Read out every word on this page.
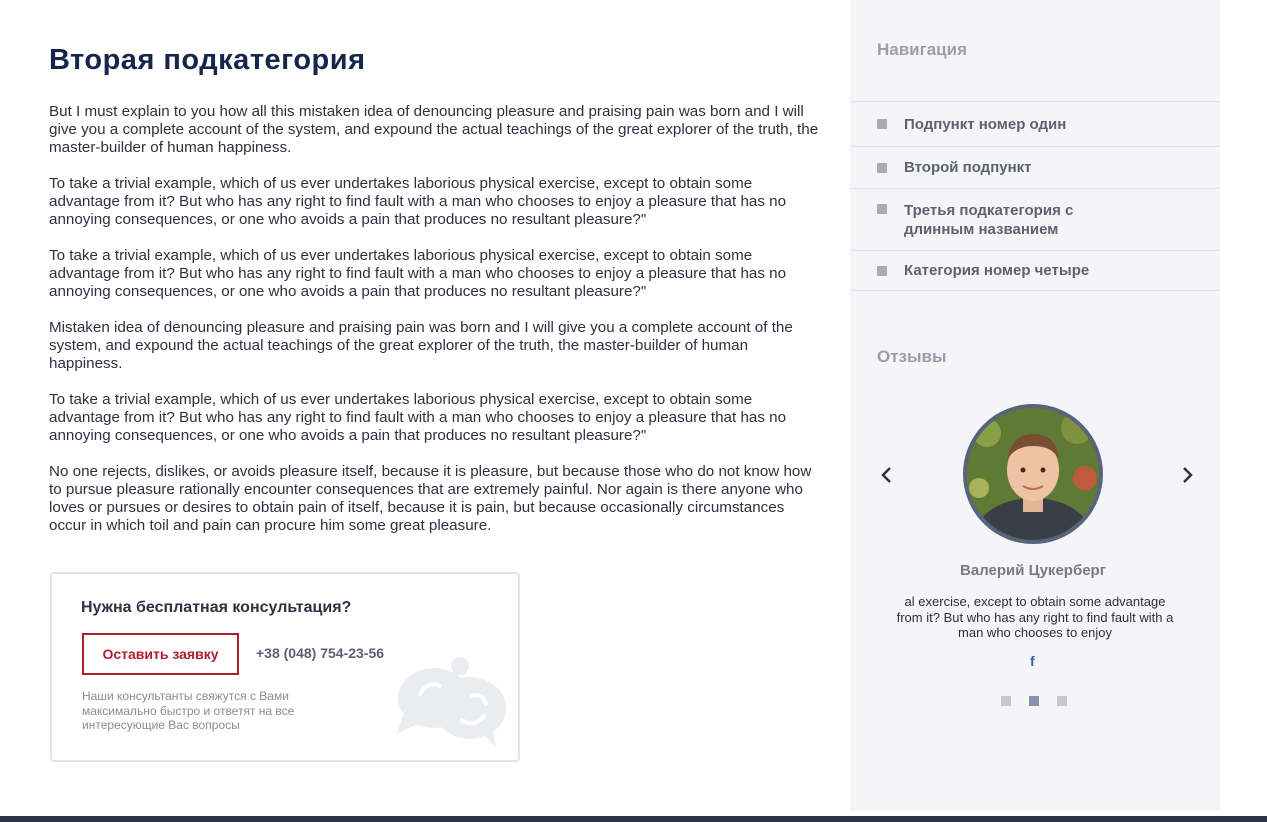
Вторая подкатегория

But I must explain to you how all this mistaken idea of denouncing pleasure and praising pain was born and I will give you a complete account of the system, and expound the actual teachings of the great explorer of the truth, the master-builder of human happiness.

To take a trivial example, which of us ever undertakes laborious physical exercise, except to obtain some advantage from it? But who has any right to find fault with a man who chooses to enjoy a pleasure that has no annoying consequences, or one who avoids a pain that produces no resultant pleasure?"

To take a trivial example, which of us ever undertakes laborious physical exercise, except to obtain some advantage from it? But who has any right to find fault with a man who chooses to enjoy a pleasure that has no annoying consequences, or one who avoids a pain that produces no resultant pleasure?"

Mistaken idea of denouncing pleasure and praising pain was born and I will give you a complete account of the system, and expound the actual teachings of the great explorer of the truth, the master-builder of human happiness.

To take a trivial example, which of us ever undertakes laborious physical exercise, except to obtain some advantage from it? But who has any right to find fault with a man who chooses to enjoy a pleasure that has no annoying consequences, or one who avoids a pain that produces no resultant pleasure?"

No one rejects, dislikes, or avoids pleasure itself, because it is pleasure, but because those who do not know how to pursue pleasure rationally encounter consequences that are extremely painful. Nor again is there anyone who loves or pursues or desires to obtain pain of itself, because it is pain, but because occasionally circumstances occur in which toil and pain can procure him some great pleasure.

Нужна бесплатная консультация?
Оставить заявку	+38 (048) 754-23-56
Наши консультанты свяжутся с Вами максимально быстро и ответят на все интересующие Вас вопросы
Навигация
Подпункт номер один
Второй подпункт
Третья подкатегория с длинным названием
Категория номер четыре
Отзывы
Валерий Цукерберг
al exercise, except to obtain some advantage from it? But who has any right to find fault with a man who chooses to enjoy
f
